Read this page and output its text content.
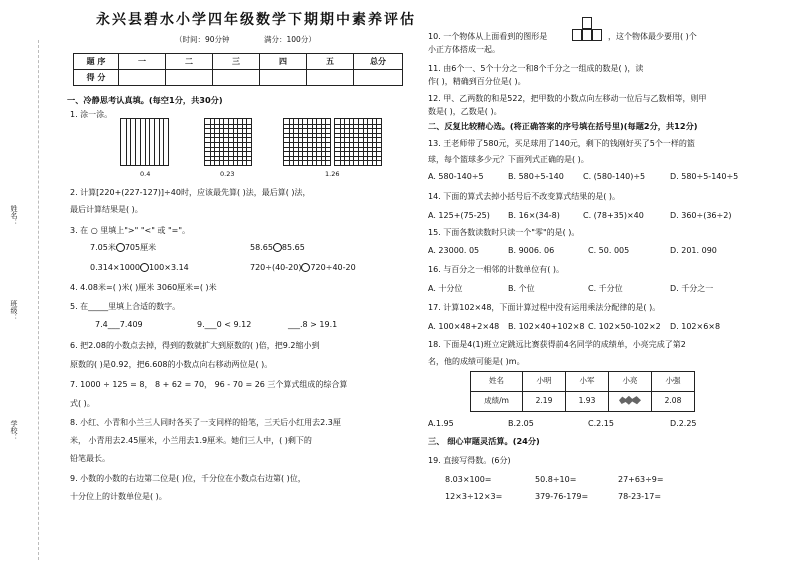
姓名：
班级：
学校：
永兴县碧水小学四年级数学下期期中素养评估
（时间：90分钟	满分：100分）
题 序	一	二	三	四	五	总分
得 分						
一、冷静思考认真填。(每空1分，共30分)
1. 涂一涂。
0.4	0.23	1.26
2. 计算[220+(227-127)]÷40时，应该最先算( )法，最后算( )法，
最后计算结果是( )。
3. 在 ○ 里填上">" "<" 或 "="。
7.05米 705厘米	58.65 85.65
0.314×1000 100×3.14	720÷(40-20) 720÷40-20
4. 4.08米=( )米( )厘米 3060厘米=( )米
5. 在_____里填上合适的数字。
7.4___7.409	9.___0 < 9.12	___.8 > 19.1
6. 把2.08的小数点去掉，得到的数就扩大到原数的( )倍，把9.2缩小到
原数的( )是0.92，把6.608的小数点向右移动两位是( )。
7. 1000 ÷ 125 = 8， 8 + 62 = 70， 96 - 70 = 26 三个算式组成的综合算
式( )。
8. 小红、小青和小兰三人同时各买了一支同样的铅笔，三天后小红用去2.3厘
米， 小青用去2.45厘米，小兰用去1.9厘米。她们三人中，( )剩下的
铅笔最长。
9. 小数的小数的右边第二位是( )位，千分位在小数点右边第( )位，
十分位上的计数单位是( )。
10. 一个物体从上面看到的图形是	，这个物体最少要用( )个
小正方体搭成一起。
11. 由6个一、5个十分之一和8个千分之一组成的数是( )，读
作( )，精确到百分位是( )。
12. 甲、乙两数的和是522，把甲数的小数点向左移动一位后与乙数相等，则甲
数是( )，乙数是( )。
二、反复比较精心选。(将正确答案的序号填在括号里)(每题2分，共12分)
13. 王老师带了580元，买足球用了140元，剩下的钱刚好买了5个一样的篮
球，每个篮球多少元？下面列式正确的是( )。
A. 580-140÷5	B. 580÷5-140 C. (580-140)÷5	D. 580÷5-140÷5
14. 下面的算式去掉小括号后不改变算式结果的是( )。
A. 125+(75-25) B. 16×(34-8)	C. (78+35)×40	D. 360÷(36÷2)
15. 下面各数读数时只读一个"零"的是( )。
A. 23000. 05	B. 9006. 06	C. 50. 005	D. 201. 090
16. 与百分之一相邻的计数单位有( )。
A. 十分位	B. 个位	C. 千分位	D. 千分之一
17. 计算102×48，下面计算过程中没有运用乘法分配律的是( )。
A. 100×48+2×48 B. 102×40+102×8 C. 102×50-102×2 D. 102×6×8
18. 下面是4(1)班立定跳远比赛获得前4名同学的成绩单，小亮完成了第2
名，他的成绩可能是( )m。
姓名	小明	小军	小亮	小强
成绩/m	2.19	1.93		2.08
A.1.95	B.2.05	C.2.15	D.2.25
三、 细心审题灵活算。(24分)
19. 直接写得数。(6分)
8.03×100=	50.8÷10=	27+63÷9=
12×3÷12×3=	379-76-179=	78-23-17=
